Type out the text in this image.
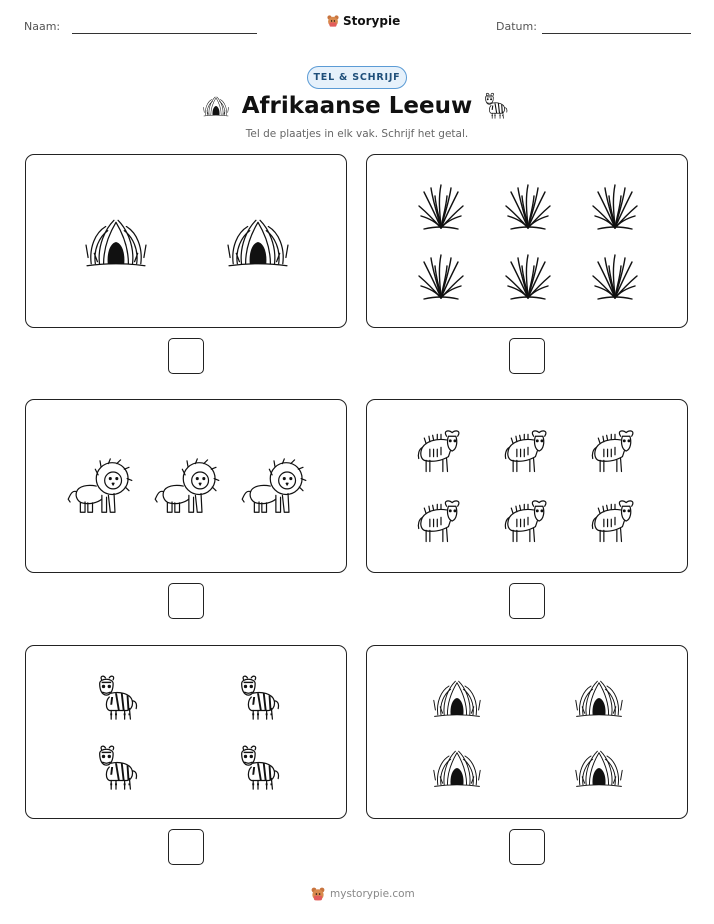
Naam:	Storypie	Datum:
TEL & SCHRIJF
Afrikaanse Leeuw
Tel de plaatjes in elk vak. Schrijf het getal.
mystorypie.com
